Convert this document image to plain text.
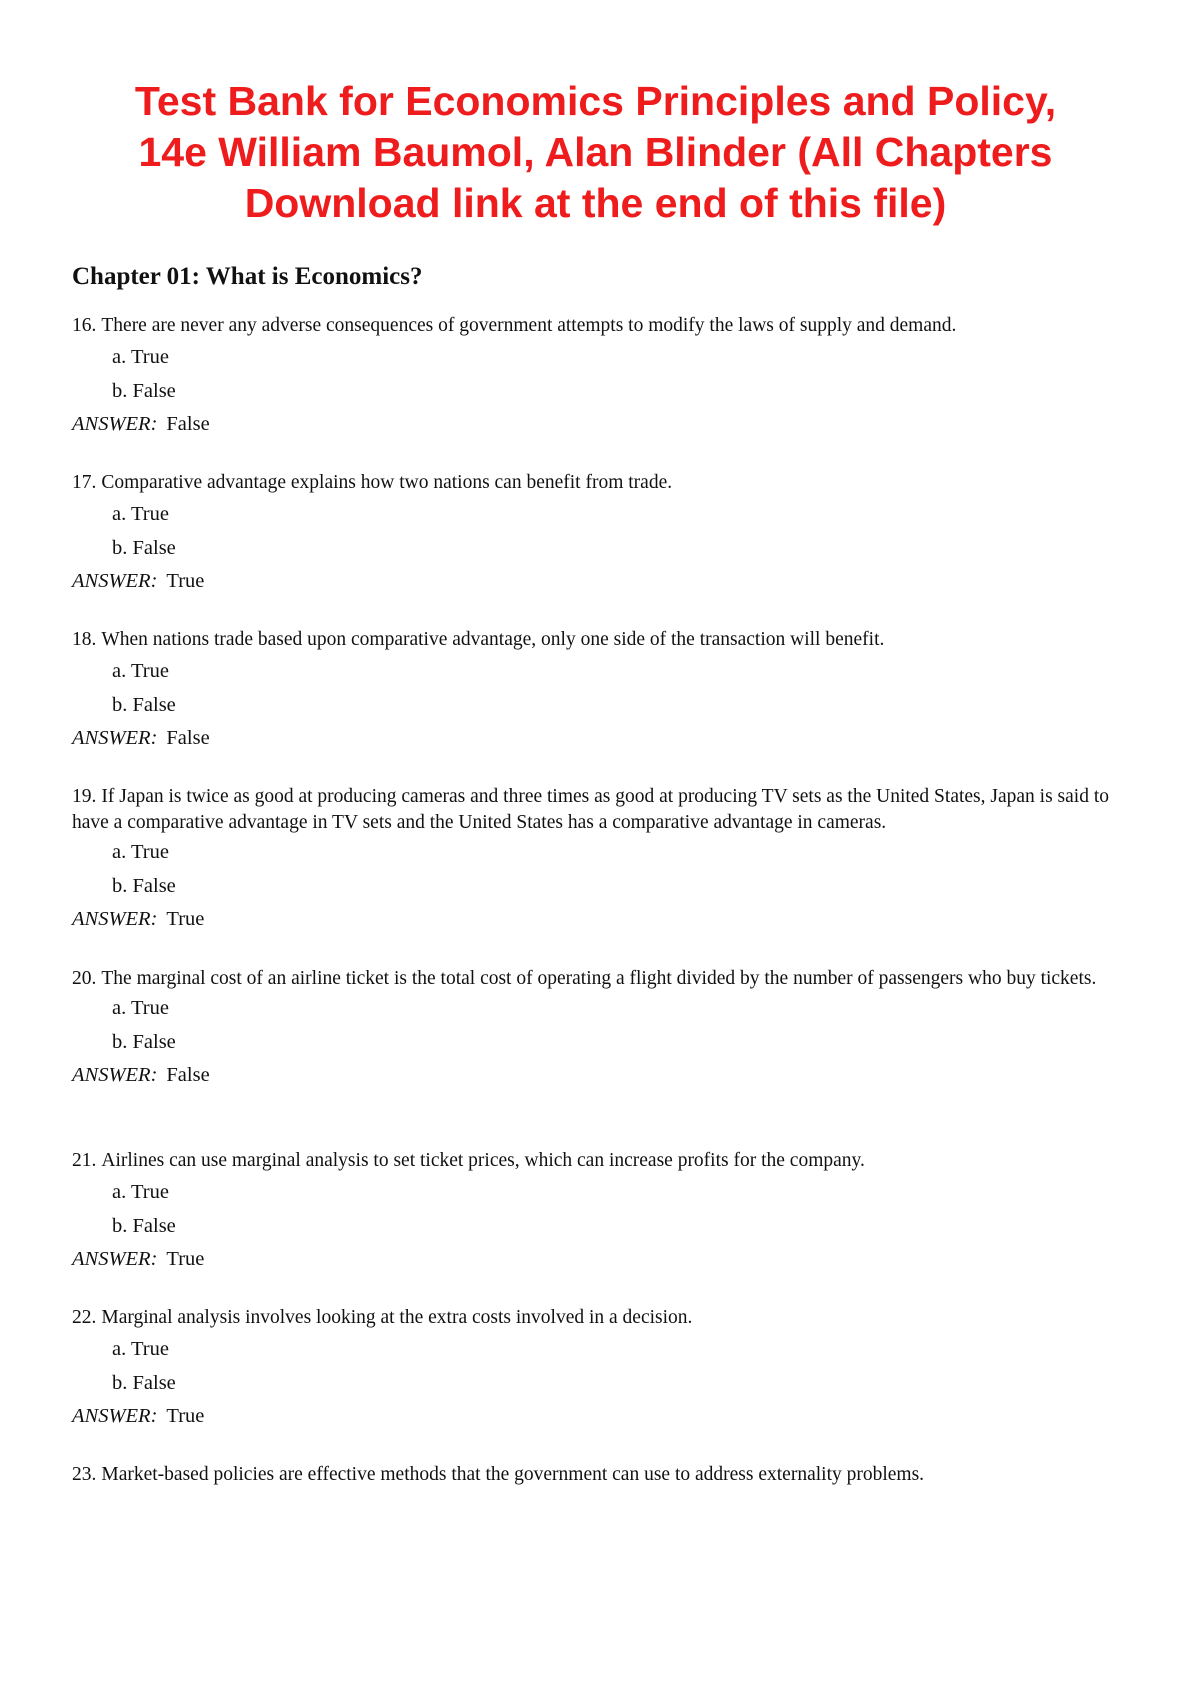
Test Bank for Economics Principles and Policy,
14e William Baumol, Alan Blinder (All Chapters
Download link at the end of this file)
Chapter 01: What is Economics?

16. There are never any adverse consequences of government attempts to modify the laws of supply and demand.

a. True
b. False

ANSWER: False

17. Comparative advantage explains how two nations can benefit from trade.

a. True
b. False

ANSWER: True

18. When nations trade based upon comparative advantage, only one side of the transaction will benefit.

a. True
b. False

ANSWER: False

19. If Japan is twice as good at producing cameras and three times as good at producing TV sets as the United States, Japan is said to have a comparative advantage in TV sets and the United States has a comparative advantage in cameras.

a. True
b. False

ANSWER: True

20. The marginal cost of an airline ticket is the total cost of operating a flight divided by the number of passengers who buy tickets.

a. True
b. False

ANSWER: False

21. Airlines can use marginal analysis to set ticket prices, which can increase profits for the company.

a. True
b. False

ANSWER: True

22. Marginal analysis involves looking at the extra costs involved in a decision.

a. True
b. False

ANSWER: True

23. Market-based policies are effective methods that the government can use to address externality problems.
